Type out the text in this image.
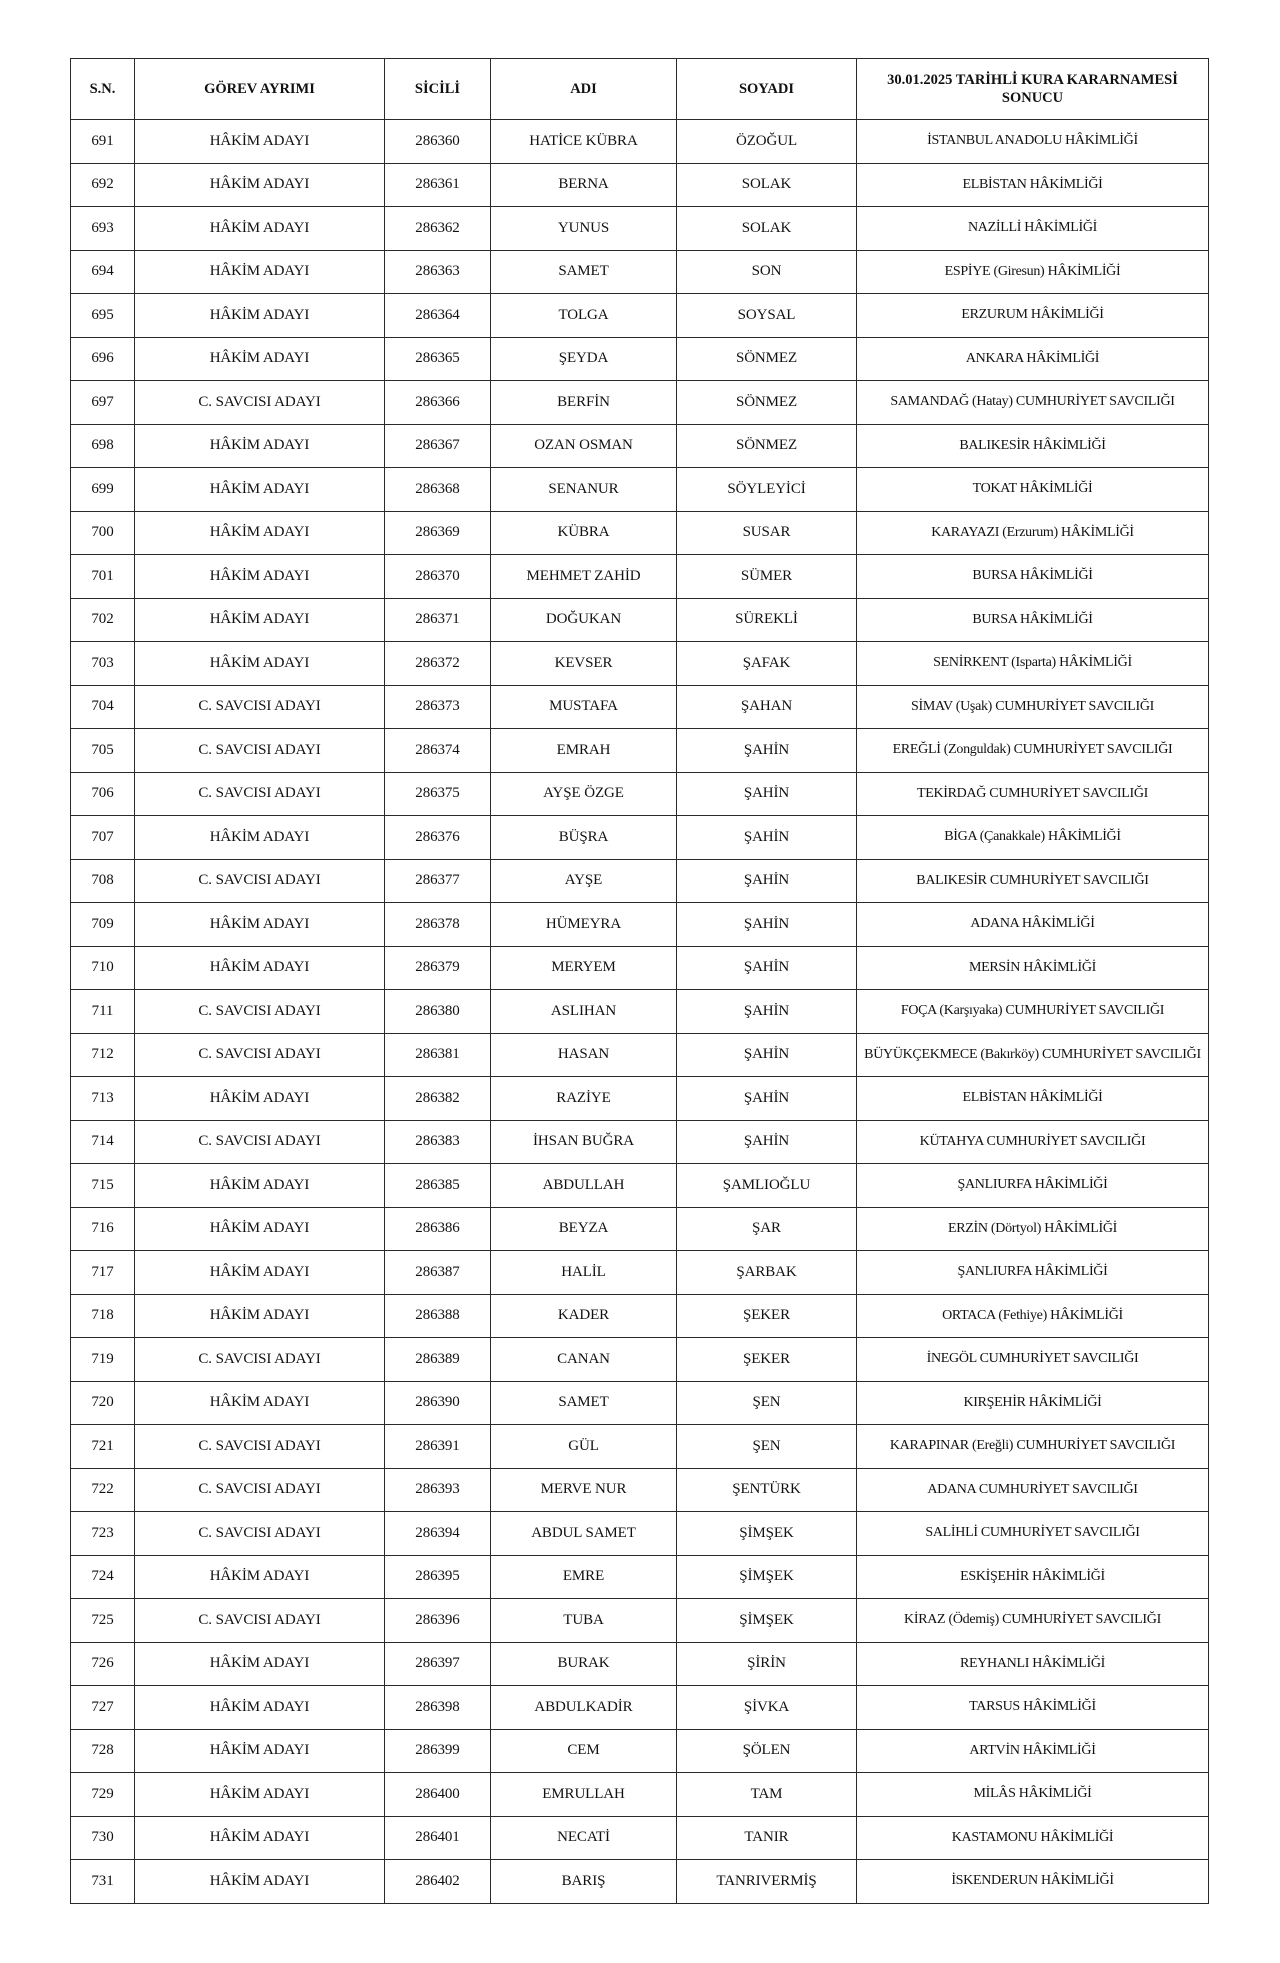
S.N.	GÖREV AYRIMI	SİCİLİ	ADI	SOYADI	30.01.2025 TARİHLİ KURA KARARNAMESİ SONUCU
691	HÂKİM ADAYI	286360	HATİCE KÜBRA	ÖZOĞUL	İSTANBUL ANADOLU HÂKİMLİĞİ
692	HÂKİM ADAYI	286361	BERNA	SOLAK	ELBİSTAN HÂKİMLİĞİ
693	HÂKİM ADAYI	286362	YUNUS	SOLAK	NAZİLLİ HÂKİMLİĞİ
694	HÂKİM ADAYI	286363	SAMET	SON	ESPİYE (Giresun) HÂKİMLİĞİ
695	HÂKİM ADAYI	286364	TOLGA	SOYSAL	ERZURUM HÂKİMLİĞİ
696	HÂKİM ADAYI	286365	ŞEYDA	SÖNMEZ	ANKARA HÂKİMLİĞİ
697	C. SAVCISI ADAYI	286366	BERFİN	SÖNMEZ	SAMANDAĞ (Hatay) CUMHURİYET SAVCILIĞI
698	HÂKİM ADAYI	286367	OZAN OSMAN	SÖNMEZ	BALIKESİR HÂKİMLİĞİ
699	HÂKİM ADAYI	286368	SENANUR	SÖYLEYİCİ	TOKAT HÂKİMLİĞİ
700	HÂKİM ADAYI	286369	KÜBRA	SUSAR	KARAYAZI (Erzurum) HÂKİMLİĞİ
701	HÂKİM ADAYI	286370	MEHMET ZAHİD	SÜMER	BURSA HÂKİMLİĞİ
702	HÂKİM ADAYI	286371	DOĞUKAN	SÜREKLİ	BURSA HÂKİMLİĞİ
703	HÂKİM ADAYI	286372	KEVSER	ŞAFAK	SENİRKENT (Isparta) HÂKİMLİĞİ
704	C. SAVCISI ADAYI	286373	MUSTAFA	ŞAHAN	SİMAV (Uşak) CUMHURİYET SAVCILIĞI
705	C. SAVCISI ADAYI	286374	EMRAH	ŞAHİN	EREĞLİ (Zonguldak) CUMHURİYET SAVCILIĞI
706	C. SAVCISI ADAYI	286375	AYŞE ÖZGE	ŞAHİN	TEKİRDAĞ CUMHURİYET SAVCILIĞI
707	HÂKİM ADAYI	286376	BÜŞRA	ŞAHİN	BİGA (Çanakkale) HÂKİMLİĞİ
708	C. SAVCISI ADAYI	286377	AYŞE	ŞAHİN	BALIKESİR CUMHURİYET SAVCILIĞI
709	HÂKİM ADAYI	286378	HÜMEYRA	ŞAHİN	ADANA HÂKİMLİĞİ
710	HÂKİM ADAYI	286379	MERYEM	ŞAHİN	MERSİN HÂKİMLİĞİ
711	C. SAVCISI ADAYI	286380	ASLIHAN	ŞAHİN	FOÇA (Karşıyaka) CUMHURİYET SAVCILIĞI
712	C. SAVCISI ADAYI	286381	HASAN	ŞAHİN	BÜYÜKÇEKMECE (Bakırköy) CUMHURİYET SAVCILIĞI
713	HÂKİM ADAYI	286382	RAZİYE	ŞAHİN	ELBİSTAN HÂKİMLİĞİ
714	C. SAVCISI ADAYI	286383	İHSAN BUĞRA	ŞAHİN	KÜTAHYA CUMHURİYET SAVCILIĞI
715	HÂKİM ADAYI	286385	ABDULLAH	ŞAMLIOĞLU	ŞANLIURFA HÂKİMLİĞİ
716	HÂKİM ADAYI	286386	BEYZA	ŞAR	ERZİN (Dörtyol) HÂKİMLİĞİ
717	HÂKİM ADAYI	286387	HALİL	ŞARBAK	ŞANLIURFA HÂKİMLİĞİ
718	HÂKİM ADAYI	286388	KADER	ŞEKER	ORTACA (Fethiye) HÂKİMLİĞİ
719	C. SAVCISI ADAYI	286389	CANAN	ŞEKER	İNEGÖL CUMHURİYET SAVCILIĞI
720	HÂKİM ADAYI	286390	SAMET	ŞEN	KIRŞEHİR HÂKİMLİĞİ
721	C. SAVCISI ADAYI	286391	GÜL	ŞEN	KARAPINAR (Ereğli) CUMHURİYET SAVCILIĞI
722	C. SAVCISI ADAYI	286393	MERVE NUR	ŞENTÜRK	ADANA CUMHURİYET SAVCILIĞI
723	C. SAVCISI ADAYI	286394	ABDUL SAMET	ŞİMŞEK	SALİHLİ CUMHURİYET SAVCILIĞI
724	HÂKİM ADAYI	286395	EMRE	ŞİMŞEK	ESKİŞEHİR HÂKİMLİĞİ
725	C. SAVCISI ADAYI	286396	TUBA	ŞİMŞEK	KİRAZ (Ödemiş) CUMHURİYET SAVCILIĞI
726	HÂKİM ADAYI	286397	BURAK	ŞİRİN	REYHANLI HÂKİMLİĞİ
727	HÂKİM ADAYI	286398	ABDULKADİR	ŞİVKA	TARSUS HÂKİMLİĞİ
728	HÂKİM ADAYI	286399	CEM	ŞÖLEN	ARTVİN HÂKİMLİĞİ
729	HÂKİM ADAYI	286400	EMRULLAH	TAM	MİLÂS HÂKİMLİĞİ
730	HÂKİM ADAYI	286401	NECATİ	TANIR	KASTAMONU HÂKİMLİĞİ
731	HÂKİM ADAYI	286402	BARIŞ	TANRIVERMİŞ	İSKENDERUN HÂKİMLİĞİ
